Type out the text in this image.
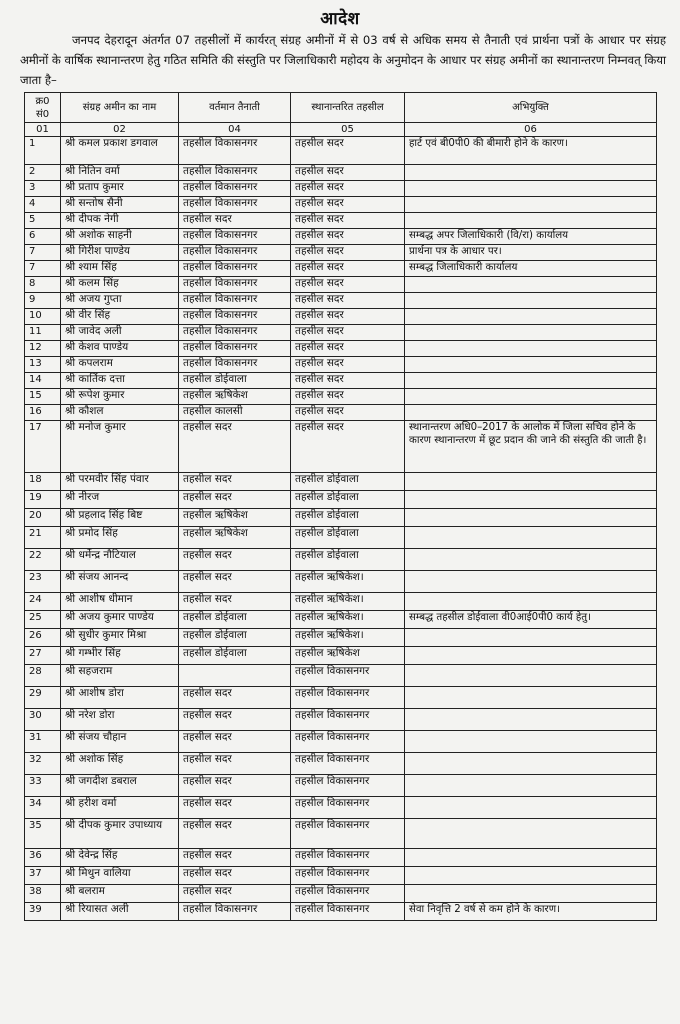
आदेश
जनपद देहरादून अंतर्गत 07 तहसीलों में कार्यरत् संग्रह अमीनों में से 03 वर्ष से अधिक समय से तैनाती एवं प्रार्थना पत्रों के आधार पर संग्रह अमीनों के वार्षिक स्थानान्तरण हेतु गठित समिति की संस्तुति पर जिलाधिकारी महोदय के अनुमोदन के आधार पर संग्रह अमीनों का स्थानान्तरण निम्नवत् किया जाता है–
क्र0 सं0	संग्रह अमीन का नाम	वर्तमान तैनाती	स्थानान्तरित तहसील	अभियुक्ति
01	02	04	05	06
1	श्री कमल प्रकाश डगवाल	तहसील विकासनगर	तहसील सदर	हार्ट एवं बी0पी0 की बीमारी होने के कारण।
2	श्री नितिन वर्मा	तहसील विकासनगर	तहसील सदर	
3	श्री प्रताप कुमार	तहसील विकासनगर	तहसील सदर	
4	श्री सन्तोष सैनी	तहसील विकासनगर	तहसील सदर	
5	श्री दीपक नेगी	तहसील सदर	तहसील सदर	
6	श्री अशोक साहनी	तहसील विकासनगर	तहसील सदर	सम्बद्ध अपर जिलाधिकारी (वि/रा) कार्यालय
7	श्री गिरीश पाण्डेय	तहसील विकासनगर	तहसील सदर	प्रार्थना पत्र के आधार पर।
7	श्री श्याम सिंह	तहसील विकासनगर	तहसील सदर	सम्बद्ध जिलाधिकारी कार्यालय
8	श्री कलम सिंह	तहसील विकासनगर	तहसील सदर	
9	श्री अजय गुप्ता	तहसील विकासनगर	तहसील सदर	
10	श्री वीर सिंह	तहसील विकासनगर	तहसील सदर	
11	श्री जावेद अली	तहसील विकासनगर	तहसील सदर	
12	श्री केशव पाण्डेय	तहसील विकासनगर	तहसील सदर	
13	श्री कपलराम	तहसील विकासनगर	तहसील सदर	
14	श्री कार्तिक दत्ता	तहसील डोईवाला	तहसील सदर	
15	श्री रूपेश कुमार	तहसील ऋषिकेश	तहसील सदर	
16	श्री कौशल	तहसील कालसी	तहसील सदर	
17	श्री मनोज कुमार	तहसील सदर	तहसील सदर	स्थानान्तरण अधि0–2017 के आलोक में जिला सचिव होने के कारण स्थानान्तरण में छूट प्रदान की जाने की संस्तुति की जाती है।
18	श्री परमवीर सिंह पंवार	तहसील सदर	तहसील डोईवाला	
19	श्री नीरज	तहसील सदर	तहसील डोईवाला	
20	श्री प्रहलाद सिंह बिष्ट	तहसील ऋषिकेश	तहसील डोईवाला	
21	श्री प्रमोद सिंह	तहसील ऋषिकेश	तहसील डोईवाला	
22	श्री धर्मेन्द्र नौटियाल	तहसील सदर	तहसील डोईवाला	
23	श्री संजय आनन्द	तहसील सदर	तहसील ऋषिकेश।	
24	श्री आशीष धीमान	तहसील सदर	तहसील ऋषिकेश।	
25	श्री अजय कुमार पाण्डेय	तहसील डोईवाला	तहसील ऋषिकेश।	सम्बद्ध तहसील डोईवाला वी0आई0पी0 कार्य हेतु।
26	श्री सुधीर कुमार मिश्रा	तहसील डोईवाला	तहसील ऋषिकेश।	
27	श्री गम्भीर सिंह	तहसील डोईवाला	तहसील ऋषिकेश	
28	श्री सहजराम		तहसील विकासनगर	
29	श्री आशीष डोरा	तहसील सदर	तहसील विकासनगर	
30	श्री नरेश डोरा	तहसील सदर	तहसील विकासनगर	
31	श्री संजय चौहान	तहसील सदर	तहसील विकासनगर	
32	श्री अशोक सिंह	तहसील सदर	तहसील विकासनगर	
33	श्री जगदीश डबराल	तहसील सदर	तहसील विकासनगर	
34	श्री हरीश वर्मा	तहसील सदर	तहसील विकासनगर	
35	श्री दीपक कुमार उपाध्याय	तहसील सदर	तहसील विकासनगर	
36	श्री देवेन्द्र सिंह	तहसील सदर	तहसील विकासनगर	
37	श्री मिथुन वालिया	तहसील सदर	तहसील विकासनगर	
38	श्री बलराम	तहसील सदर	तहसील विकासनगर	
39	श्री रियासत अली	तहसील विकासनगर	तहसील विकासनगर	सेवा निवृत्ति 2 वर्ष से कम होने के कारण।
